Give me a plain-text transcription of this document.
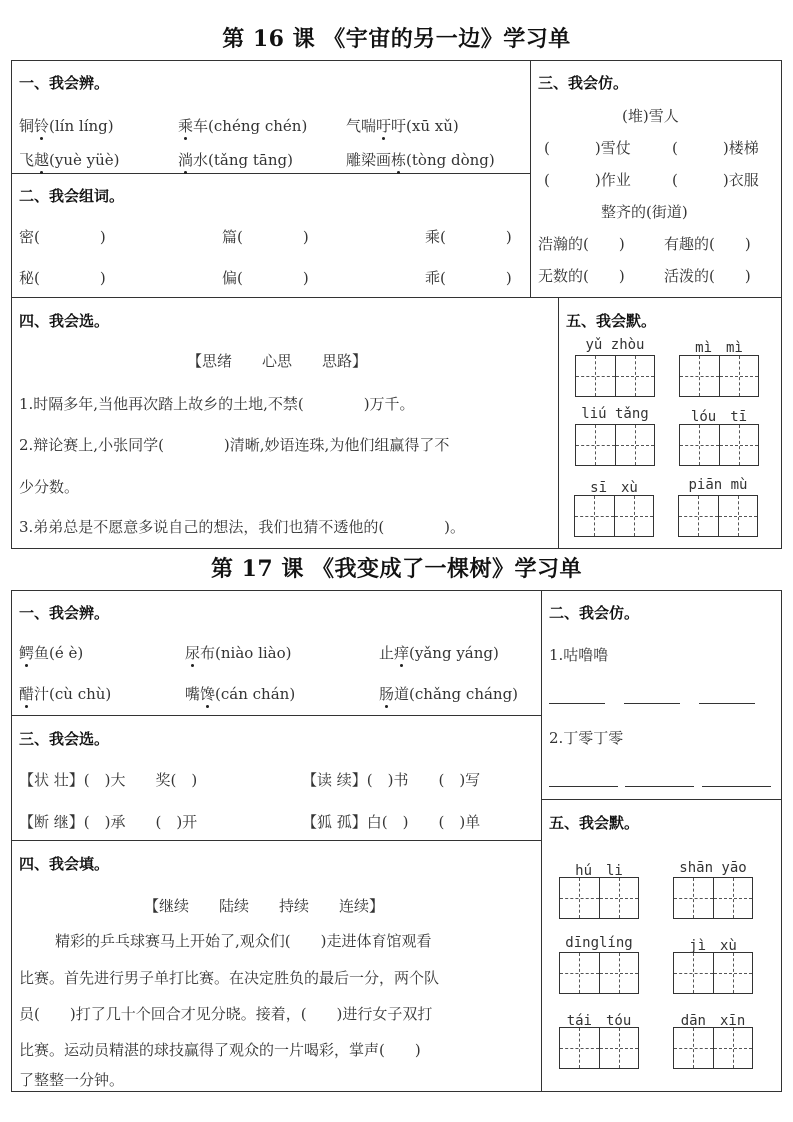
第 16 课 《宇宙的另一边》学习单
一、我会辨。
铜铃(lín líng)	乘车(chéng chén)	气喘吁吁(xū xǔ)
飞越(yuè yüè)	淌水(tǎng tāng)	雕梁画栋(tòng dòng)
二、我会组词。
密(　　　　)	篇(　　　　)	乘(　　　　)
秘(　　　　)	偏(　　　　)	乖(　　　　)
三、我会仿。
(堆)雪人
(　　　)雪仗	(　　　)楼梯
(　　　)作业	(　　　)衣服
整齐的(街道)
浩瀚的(　　)	有趣的(　　)
无数的(　　)	活泼的(　　)
四、我会选。
【思绪　　心思　　思路】
1.时隔多年,当他再次踏上故乡的土地,不禁(　　　　)万千。
2.辩论赛上,小张同学(　　　　)清晰,妙语连珠,为他们组赢得了不
少分数。
3.弟弟总是不愿意多说自己的想法，我们也猜不透他的(　　　　)。
五、我会默。
yǔ zhòu	mì　mì
liú tǎng	lóu　tī
sī　xù	piān mù
第 17 课 《我变成了一棵树》学习单
一、我会辨。
鳄鱼(é è)	尿布(niào liào)	止痒(yǎng yáng)
醋汁(cù chù)	嘴馋(cán chán)	肠道(chǎng cháng)
三、我会选。
【状 壮】(　)大　　奖(　)	【读 续】(　)书　　(　)写
【断 继】(　)承　　(　)开	【狐 孤】白(　)　　(　)单
四、我会填。
【继续　　陆续　　持续　　连续】
精彩的乒乓球赛马上开始了,观众们(　　)走进体育馆观看
比赛。首先进行男子单打比赛。在决定胜负的最后一分，两个队
员(　　)打了几十个回合才见分晓。接着，(　　)进行女子双打
比赛。运动员精湛的球技赢得了观众的一片喝彩，掌声(　　)
了整整一分钟。
二、我会仿。
1.咕噜噜
2.丁零丁零
五、我会默。
hú　li	shān yāo
dīnglíng	jì　xù
tái　tóu	dān　xīn
